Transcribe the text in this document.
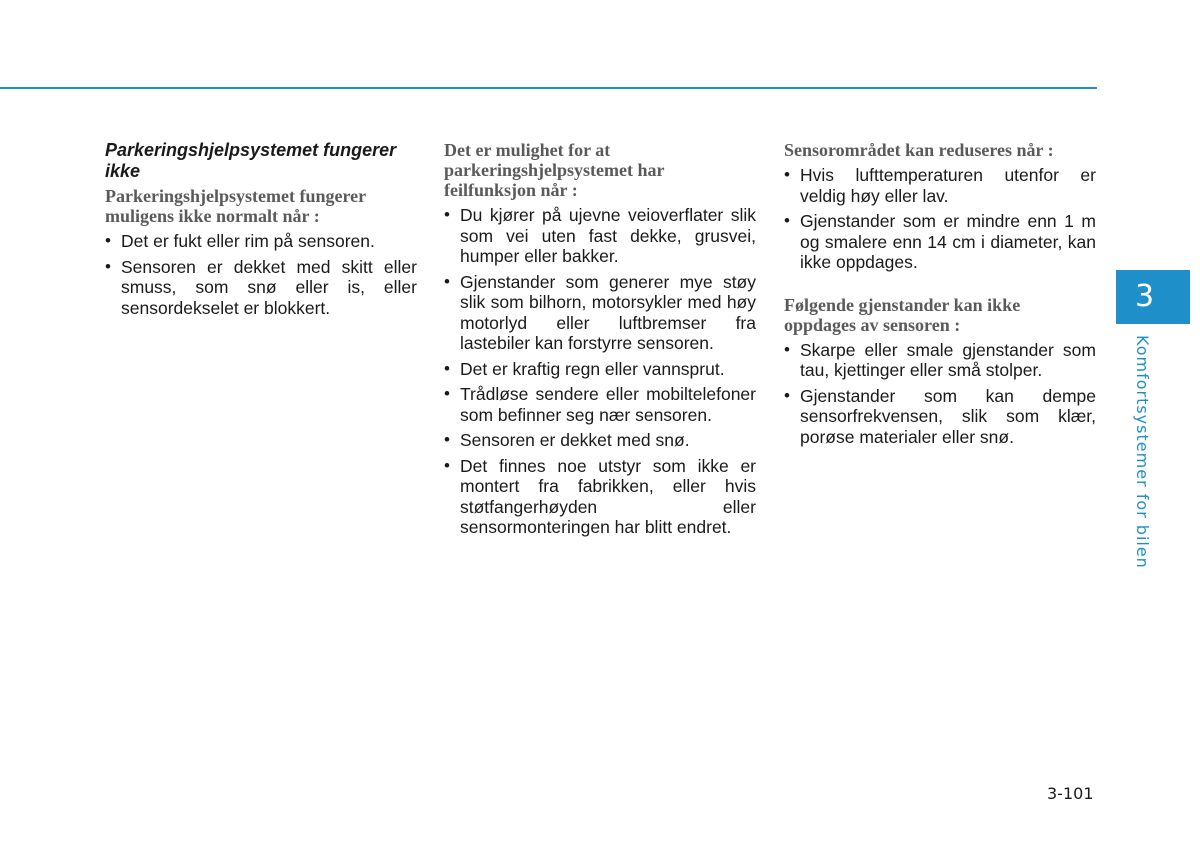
Parkeringshjelpsystemet fungerer ikke
Parkeringshjelpsystemet fungerer muligens ikke normalt når :
• Det er fukt eller rim på sensoren.
• Sensoren er dekket med skitt eller smuss, som snø eller is, eller sensordekselet er blokkert.
Det er mulighet for at parkeringshjelpsystemet har feilfunksjon når :
• Du kjører på ujevne veioverflater slik som vei uten fast dekke, grusvei, humper eller bakker.
• Gjenstander som generer mye støy slik som bilhorn, motorsykler med høy motorlyd eller luftbremser fra lastebiler kan forstyrre sensoren.
• Det er kraftig regn eller vannsprut.
• Trådløse sendere eller mobiltelefoner som befinner seg nær sensoren.
• Sensoren er dekket med snø.
• Det finnes noe utstyr som ikke er montert fra fabrikken, eller hvis støtfangerhøyden eller sensormonteringen har blitt endret.
Sensorområdet kan reduseres når :
• Hvis lufttemperaturen utenfor er veldig høy eller lav.
• Gjenstander som er mindre enn 1 m og smalere enn 14 cm i diameter, kan ikke oppdages.
Følgende gjenstander kan ikke oppdages av sensoren :
• Skarpe eller smale gjenstander som tau, kjettinger eller små stolper.
• Gjenstander som kan dempe sensorfrekvensen, slik som klær, porøse materialer eller snø.
3
Komfortsystemer for bilen
3-101
